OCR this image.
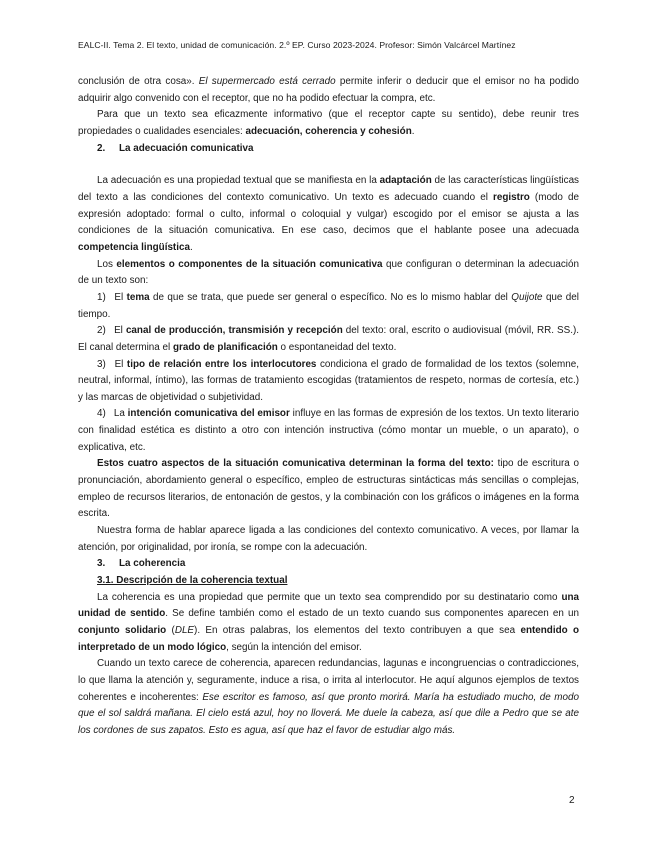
EALC-II. Tema 2. El texto, unidad de comunicación. 2.º EP. Curso 2023-2024. Profesor: Simón Valcárcel Martínez

conclusión de otra cosa». El supermercado está cerrado permite inferir o deducir que el emisor no ha podido adquirir algo convenido con el receptor, que no ha podido efectuar la compra, etc.

Para que un texto sea eficazmente informativo (que el receptor capte su sentido), debe reunir tres propiedades o cualidades esenciales: adecuación, coherencia y cohesión.

2. La adecuación comunicativa

La adecuación es una propiedad textual que se manifiesta en la adaptación de las características lingüísticas del texto a las condiciones del contexto comunicativo. Un texto es adecuado cuando el registro (modo de expresión adoptado: formal o culto, informal o coloquial y vulgar) escogido por el emisor se ajusta a las condiciones de la situación comunicativa. En ese caso, decimos que el hablante posee una adecuada competencia lingüística.

Los elementos o componentes de la situación comunicativa que configuran o determinan la adecuación de un texto son:

1) El tema de que se trata, que puede ser general o específico. No es lo mismo hablar del Quijote que del tiempo.

2) El canal de producción, transmisión y recepción del texto: oral, escrito o audiovisual (móvil, RR. SS.). El canal determina el grado de planificación o espontaneidad del texto.

3) El tipo de relación entre los interlocutores condiciona el grado de formalidad de los textos (solemne, neutral, informal, íntimo), las formas de tratamiento escogidas (tratamientos de respeto, normas de cortesía, etc.) y las marcas de objetividad o subjetividad.

4) La intención comunicativa del emisor influye en las formas de expresión de los textos. Un texto literario con finalidad estética es distinto a otro con intención instructiva (cómo montar un mueble, o un aparato), o explicativa, etc.

Estos cuatro aspectos de la situación comunicativa determinan la forma del texto: tipo de escritura o pronunciación, abordamiento general o específico, empleo de estructuras sintácticas más sencillas o complejas, empleo de recursos literarios, de entonación de gestos, y la combinación con los gráficos o imágenes en la forma escrita.

Nuestra forma de hablar aparece ligada a las condiciones del contexto comunicativo. A veces, por llamar la atención, por originalidad, por ironía, se rompe con la adecuación.

3. La coherencia

3.1. Descripción de la coherencia textual

La coherencia es una propiedad que permite que un texto sea comprendido por su destinatario como una unidad de sentido. Se define también como el estado de un texto cuando sus componentes aparecen en un conjunto solidario (DLE). En otras palabras, los elementos del texto contribuyen a que sea entendido o interpretado de un modo lógico, según la intención del emisor.

Cuando un texto carece de coherencia, aparecen redundancias, lagunas e incongruencias o contradicciones, lo que llama la atención y, seguramente, induce a risa, o irrita al interlocutor. He aquí algunos ejemplos de textos coherentes e incoherentes: Ese escritor es famoso, así que pronto morirá. María ha estudiado mucho, de modo que el sol saldrá mañana. El cielo está azul, hoy no lloverá. Me duele la cabeza, así que dile a Pedro que se ate los cordones de sus zapatos. Esto es agua, así que haz el favor de estudiar algo más.

2
